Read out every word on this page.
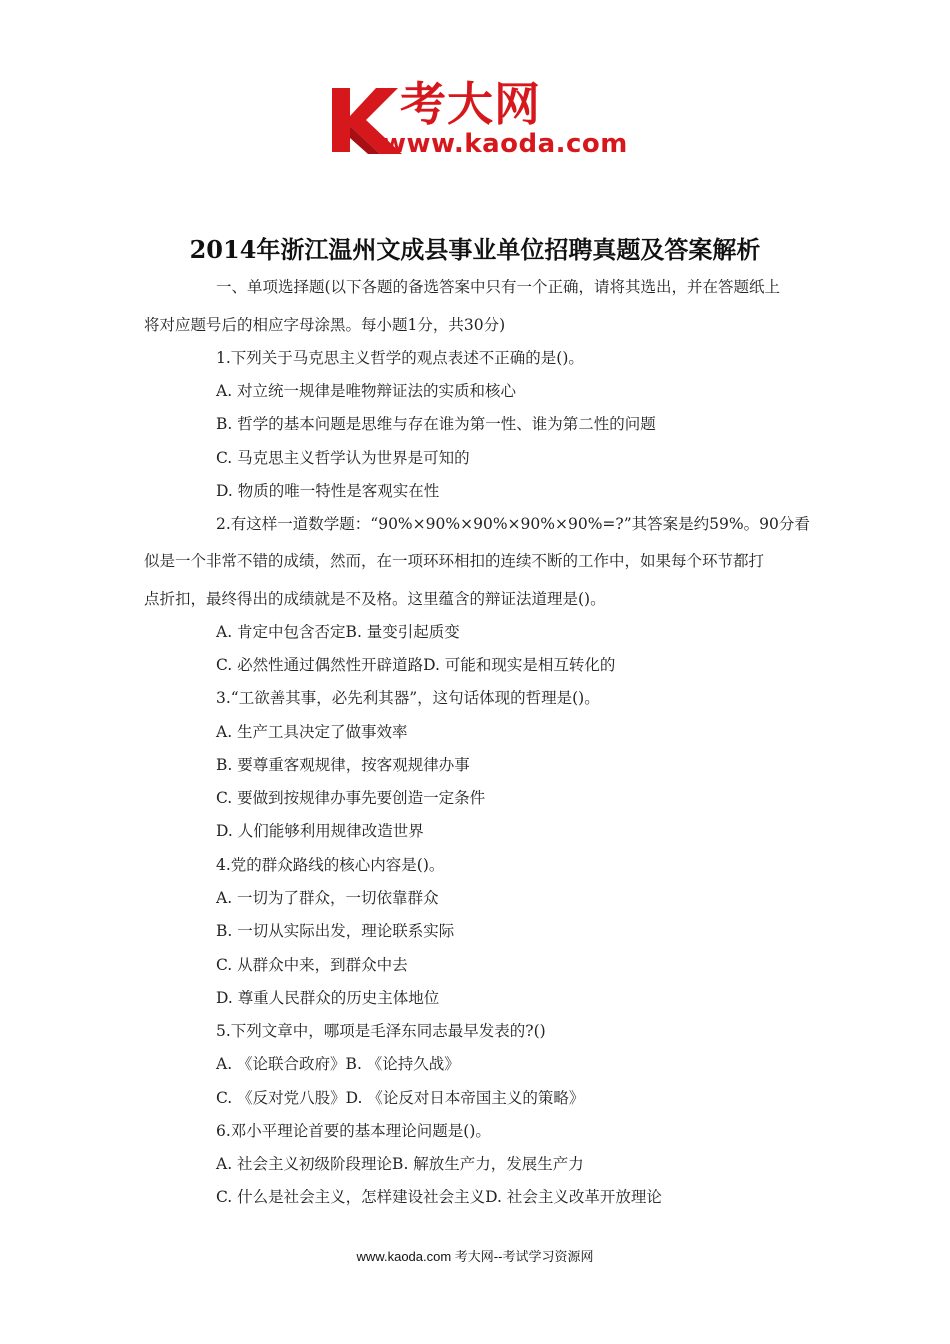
考大网
www.kaoda.com
2014年浙江温州文成县事业单位招聘真题及答案解析
一、单项选择题(以下各题的备选答案中只有一个正确，请将其选出，并在答题纸上
将对应题号后的相应字母涂黑。每小题1分，共30分)
1.下列关于马克思主义哲学的观点表述不正确的是()。
A. 对立统一规律是唯物辩证法的实质和核心
B. 哲学的基本问题是思维与存在谁为第一性、谁为第二性的问题
C. 马克思主义哲学认为世界是可知的
D. 物质的唯一特性是客观实在性
2.有这样一道数学题：“90%×90%×90%×90%×90%=?”其答案是约59%。90分看
似是一个非常不错的成绩，然而，在一项环环相扣的连续不断的工作中，如果每个环节都打
点折扣，最终得出的成绩就是不及格。这里蕴含的辩证法道理是()。
A. 肯定中包含否定B. 量变引起质变
C. 必然性通过偶然性开辟道路D. 可能和现实是相互转化的
3.“工欲善其事，必先利其器”，这句话体现的哲理是()。
A. 生产工具决定了做事效率
B. 要尊重客观规律，按客观规律办事
C. 要做到按规律办事先要创造一定条件
D. 人们能够利用规律改造世界
4.党的群众路线的核心内容是()。
A. 一切为了群众，一切依靠群众
B. 一切从实际出发，理论联系实际
C. 从群众中来，到群众中去
D. 尊重人民群众的历史主体地位
5.下列文章中，哪项是毛泽东同志最早发表的?()
A. 《论联合政府》B. 《论持久战》
C. 《反对党八股》D. 《论反对日本帝国主义的策略》
6.邓小平理论首要的基本理论问题是()。
A. 社会主义初级阶段理论B. 解放生产力，发展生产力
C. 什么是社会主义，怎样建设社会主义D. 社会主义改革开放理论
www.kaoda.com 考大网--考试学习资源网
